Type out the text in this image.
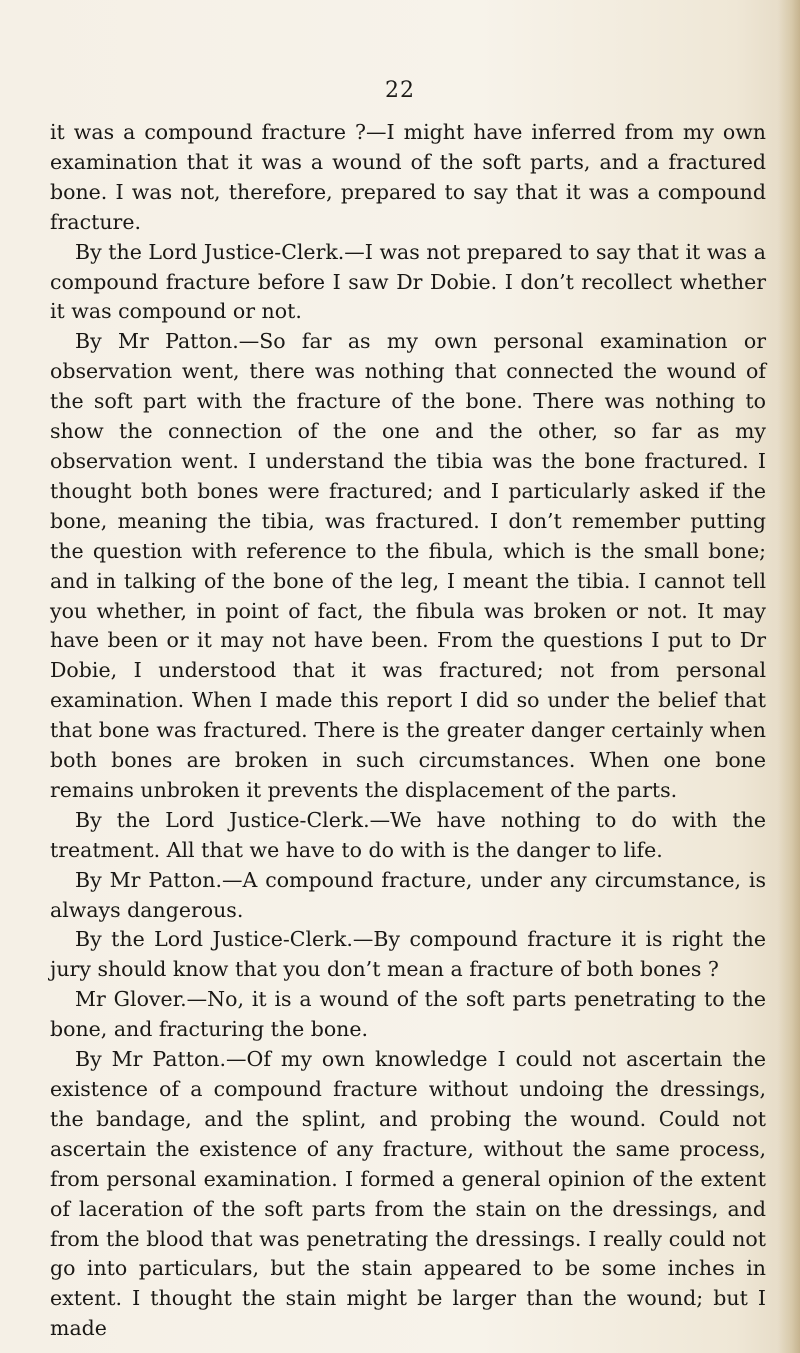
22

it was a compound fracture ?—I might have inferred from my own examination that it was a wound of the soft parts, and a fractured bone. I was not, therefore, prepared to say that it was a compound fracture.

By the Lord Justice-Clerk.—I was not prepared to say that it was a compound fracture before I saw Dr Dobie. I don’t recollect whether it was compound or not.

By Mr Patton.—So far as my own personal examination or observation went, there was nothing that connected the wound of the soft part with the fracture of the bone. There was nothing to show the connection of the one and the other, so far as my observation went. I understand the tibia was the bone fractured. I thought both bones were fractured; and I particularly asked if the bone, meaning the tibia, was fractured. I don’t remember putting the question with reference to the fibula, which is the small bone; and in talking of the bone of the leg, I meant the tibia. I cannot tell you whether, in point of fact, the fibula was broken or not. It may have been or it may not have been. From the questions I put to Dr Dobie, I understood that it was fractured; not from personal examination. When I made this report I did so under the belief that that bone was fractured. There is the greater danger certainly when both bones are broken in such circumstances. When one bone remains unbroken it prevents the displacement of the parts.

By the Lord Justice-Clerk.—We have nothing to do with the treatment. All that we have to do with is the danger to life.

By Mr Patton.—A compound fracture, under any circumstance, is always dangerous.

By the Lord Justice-Clerk.—By compound fracture it is right the jury should know that you don’t mean a fracture of both bones ?

Mr Glover.—No, it is a wound of the soft parts penetrating to the bone, and fracturing the bone.

By Mr Patton.—Of my own knowledge I could not ascertain the existence of a compound fracture without undoing the dressings, the bandage, and the splint, and probing the wound. Could not ascertain the existence of any fracture, without the same process, from personal examination. I formed a general opinion of the extent of laceration of the soft parts from the stain on the dressings, and from the blood that was penetrating the dressings. I really could not go into particulars, but the stain appeared to be some inches in extent. I thought the stain might be larger than the wound; but I made
